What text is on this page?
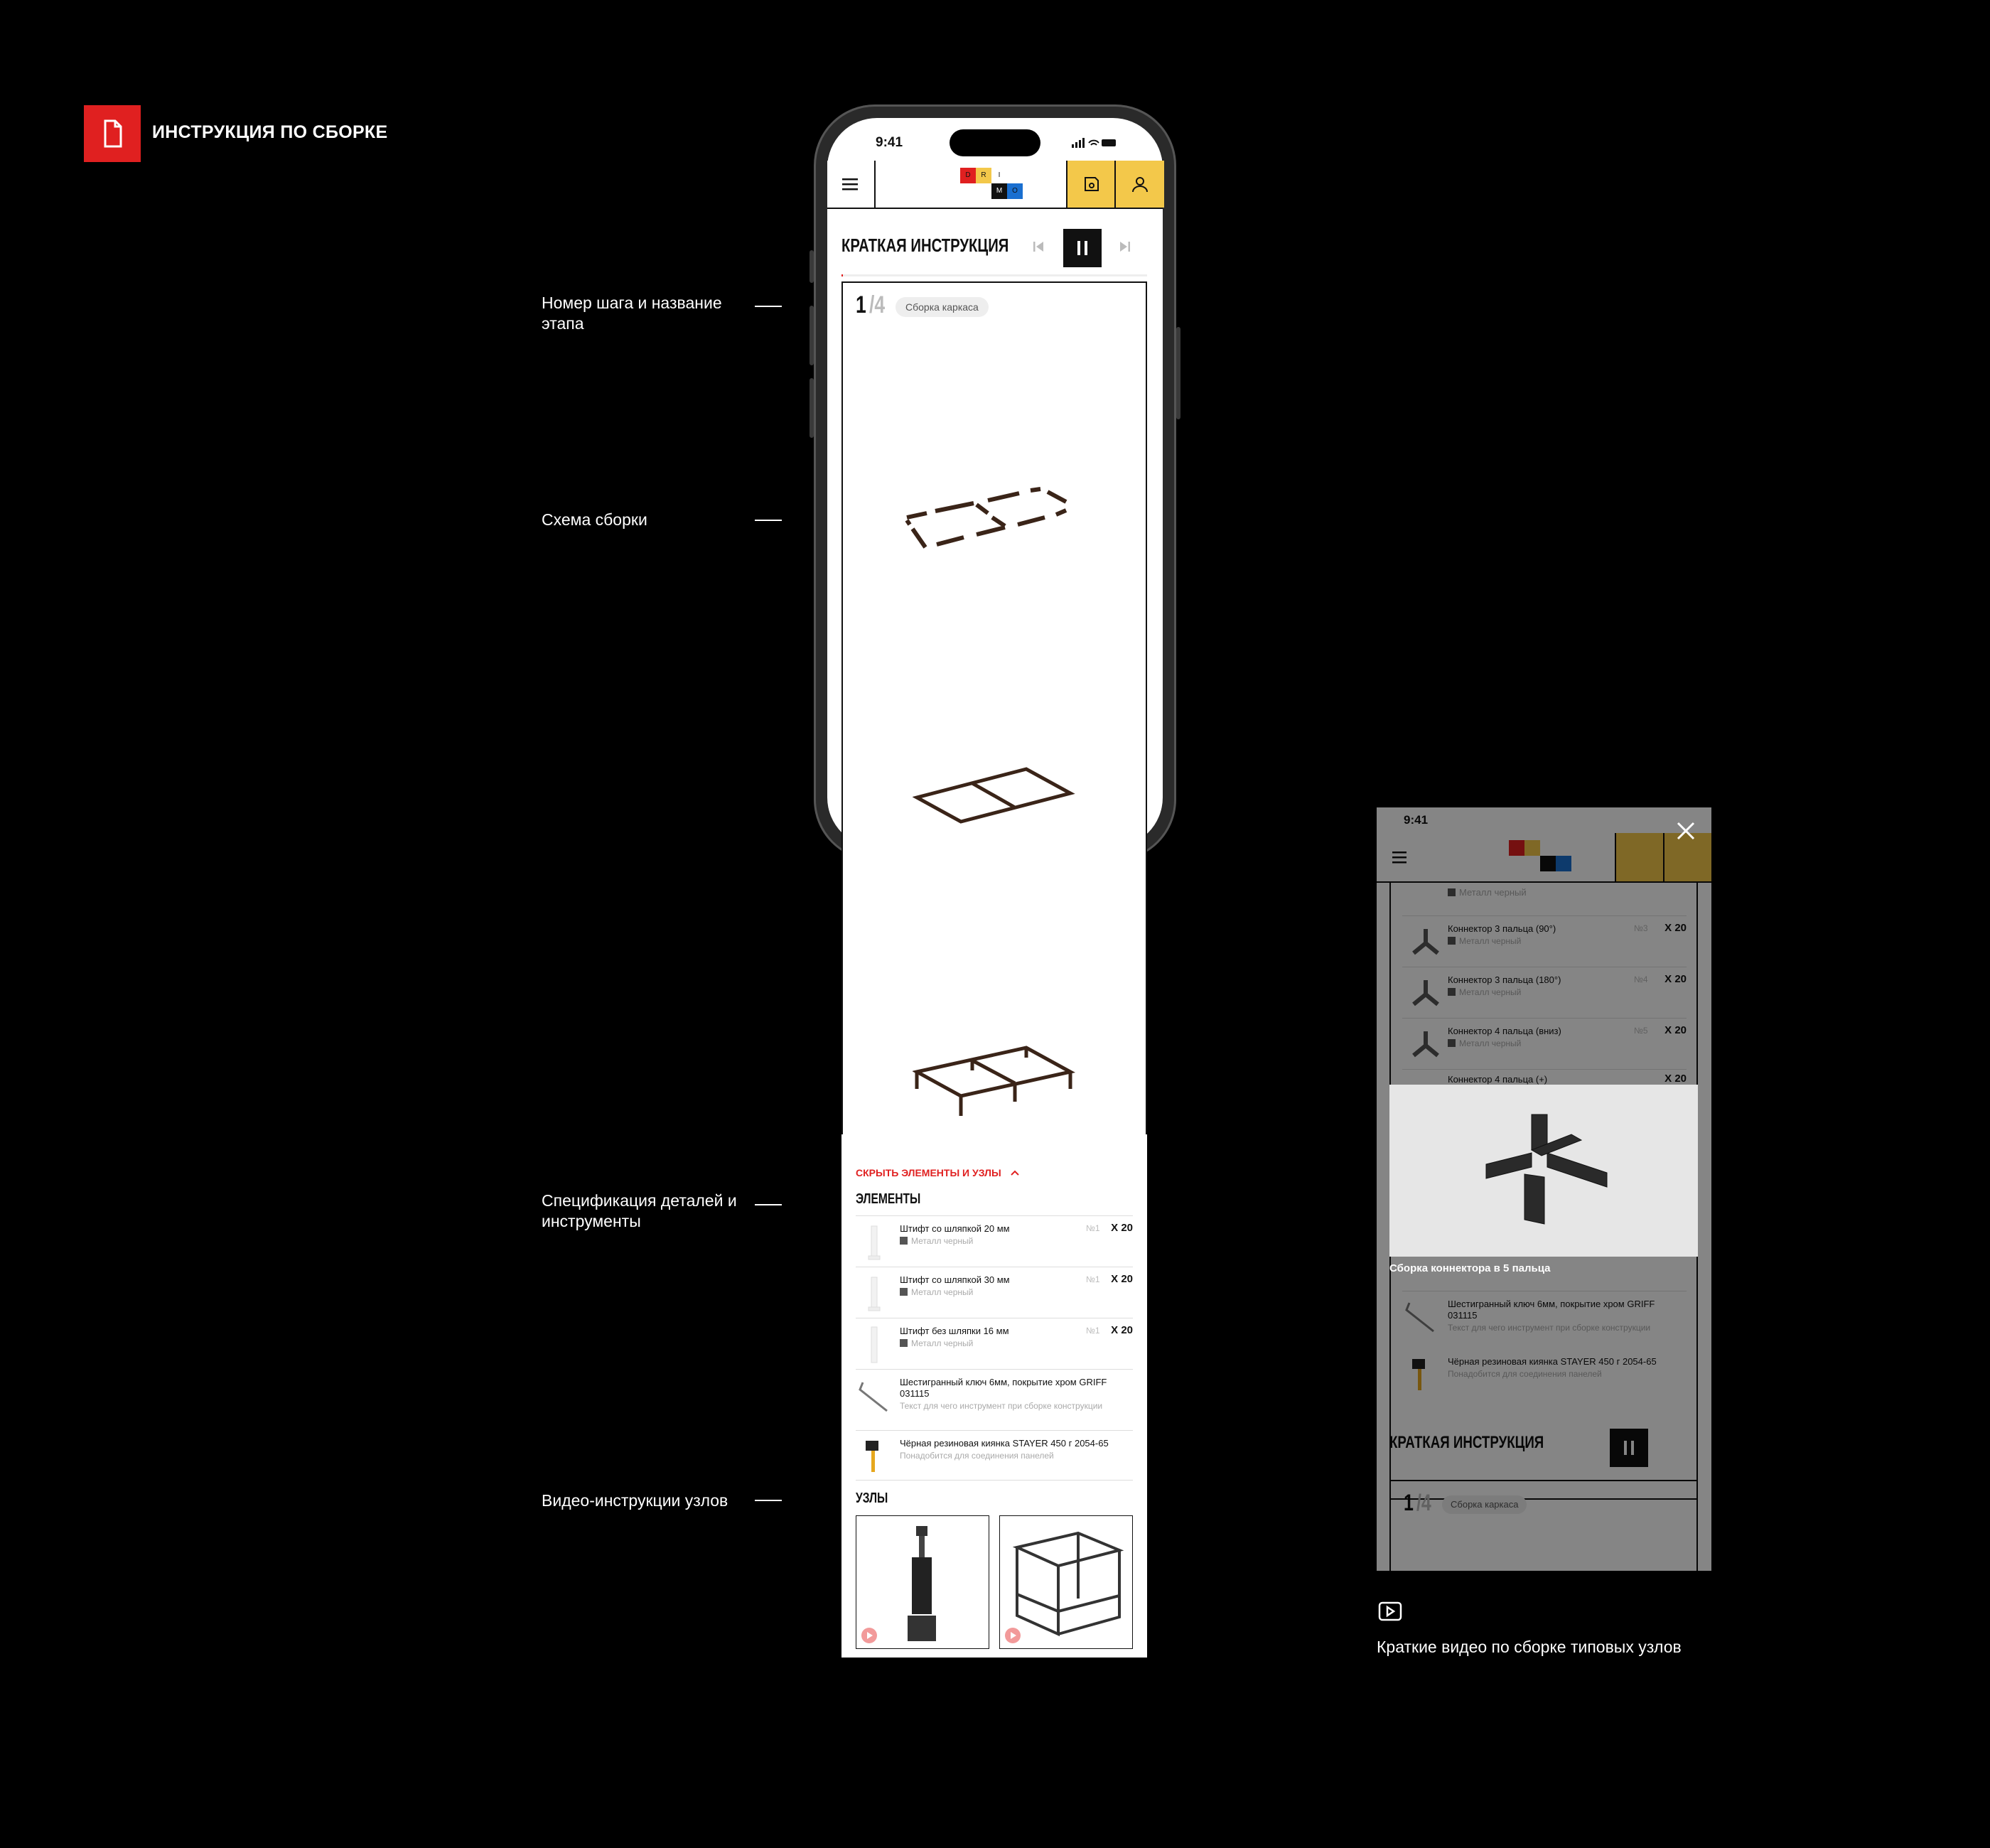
ИНСТРУКЦИЯ ПО СБОРКЕ
Номер шага и название этапа
Схема сборки
Спецификация деталей и инструменты
Видео-инструкции узлов
9:41
D	R	I
M	O
КРАТКАЯ ИНСТРУКЦИЯ
1 /4	Сборка каркаса
СКРЫТЬ ЭЛЕМЕНТЫ И УЗЛЫ
ЭЛЕМЕНТЫ
Штифт со шляпкой 20 мм
Металл черный
№1 X 20
Штифт со шляпкой 30 мм
Металл черный
№1 X 20
Штифт без шляпки 16 мм
Металл черный
№1 X 20
Шестигранный ключ 6мм, покрытие хром GRIFF 031115
Текст для чего инструмент при сборке конструкции
Чёрная резиновая киянка STAYER 450 г 2054-65
Понадобится для соединения панелей
УЗЛЫ
9:41
Металл черный
Коннектор 3 пальца (90°)
Металл черный
№3 X 20
Коннектор 3 пальца (180°)
Металл черный
№4 X 20
Коннектор 4 пальца (вниз)
Металл черный
№5 X 20
Коннектор 4 пальца (+)	X 20
Шестигранный ключ 6мм, покрытие хром GRIFF 031115
Текст для чего инструмент при сборке конструкции
Чёрная резиновая киянка STAYER 450 г 2054-65
Понадобится для соединения панелей
КРАТКАЯ ИНСТРУКЦИЯ
1 /4	Сборка каркаса
Сборка коннектора в 5 пальца
Краткие видео по сборке типовых узлов
